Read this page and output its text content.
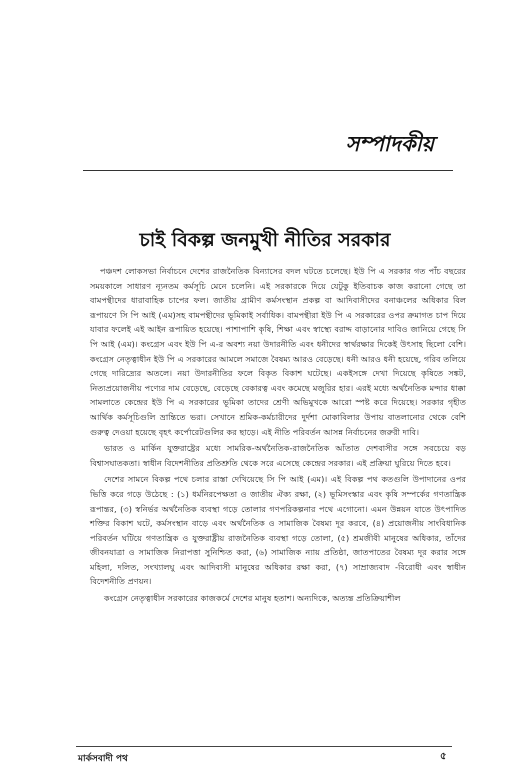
সম্পাদকীয়
চাই বিকল্প জনমুখী নীতির সরকার

পঞ্চদশ লোকসভা নির্বাচনে দেশের রাজনৈতিক বিন্যাসের বদল ঘটতে চলেছে। ইউ পি এ সরকার গত পাঁচ বছরের সময়কালে সাধারণ ন্যূনতম কর্মসূচি মেনে চলেনি। এই সরকারকে দিয়ে যেটুকু ইতিবাচক কাজ করানো গেছে তা বামপন্থীদের ধারাবাহিক চাপের ফল। জাতীয় গ্রামীণ কর্মসংস্থান প্রকল্প বা আদিবাসীদের বনাঞ্চলের অধিকার বিল রূপায়ণে সি পি আই (এম)সহ বামপন্থীদের ভূমিকাই সর্বাধিক। বামপন্থীরা ইউ পি এ সরকারের ওপর ক্রমাগত চাপ দিয়ে যাবার ফলেই এই আইন রূপায়িত হয়েছে। পাশাপাশি কৃষি, শিক্ষা এবং স্বাস্থ্যে বরাদ্দ বাড়ানোর দাবিও জানিয়ে গেছে সি পি আই (এম)। কংগ্রেস এবং ইউ পি এ-র অবশ্য নয়া উদারনীতি এবং ধনীদের স্বার্থরক্ষার দিকেই উৎসাহ ছিলো বেশি। কংগ্রেস নেতৃত্বাধীন ইউ পি এ সরকারের আমলে সমাজে বৈষম্য আরও বেড়েছে। ধনী আরও ধনী হয়েছে, গরিব তলিয়ে গেছে দারিদ্র্যের অতলে। নয়া উদারনীতির ফলে বিকৃত বিকাশ ঘটেছে। একইসঙ্গে দেখা দিয়েছে কৃষিতে সঙ্কট, নিত্যপ্রয়োজনীয় পণ্যের দাম বেড়েছে, বেড়েছে বেকারত্ব এবং কমেছে মজুরির হার। এরই মধ্যে অর্থনৈতিক মন্দার ধাক্কা সামলাতে কেন্দ্রের ইউ পি এ সরকারের ভূমিকা তাদের শ্রেণী অভিমুখকে আরো স্পষ্ট করে দিয়েছে। সরকার গৃহীত আর্থিক কর্মসূচিগুলি ভ্রান্তিতে ভরা। সেখানে শ্রমিক-কর্মচারীদের দুর্দশা মোকাবিলার উপায় বাতলানোর থেকে বেশি গুরুত্ব দেওয়া হয়েছে বৃহৎ কর্পোরেটগুলির কর ছাড়ে। এই নীতি পরিবর্তন আসন্ন নির্বাচনের জরুরী দাবি।

ভারত ও মার্কিন যুক্তরাষ্ট্রের মধ্যে সামরিক-অর্থনৈতিক-রাজনৈতিক আঁতাত দেশবাসীর সঙ্গে সবচেয়ে বড় বিশ্বাসঘাতকতা। স্বাধীন বিদেশনীতির প্রতিশ্রুতি থেকে সরে এসেছে কেন্দ্রের সরকার। এই প্রক্রিয়া ঘুরিয়ে দিতে হবে।

দেশের সামনে বিকল্প পথে চলার রাস্তা দেখিয়েছে সি পি আই (এম)। এই বিকল্প পথ কতগুলি উপাদানের ওপর ভিত্তি করে গড়ে উঠেছে : (১) ধর্মনিরপেক্ষতা ও জাতীয় ঐক্য রক্ষা, (২) ভূমিসংস্কার এবং কৃষি সম্পর্কের গণতান্ত্রিক রূপান্তর, (৩) স্বনির্ভর অর্থনৈতিক ব্যবস্থা গড়ে তোলার গণপরিকল্পনার পথে এগোনো। এমন উন্নয়ন যাতে উৎপাদিত শক্তির বিকাশ ঘটে, কর্মসংস্থান বাড়ে এবং অর্থনৈতিক ও সামাজিক বৈষম্য দূর করবে, (৪) প্রয়োজনীয় সাংবিধানিক পরিবর্তন ঘটিয়ে গণতান্ত্রিক ও যুক্তরাষ্ট্রীয় রাজনৈতিক ব্যবস্থা গড়ে তোলা, (৫) শ্রমজীবী মানুষের অধিকার, তাঁদের জীবনযাত্রা ও সামাজিক নিরাপত্তা সুনিশ্চিত করা, (৬) সামাজিক ন্যায় প্রতিষ্ঠা, জাতপাতের বৈষম্য দূর করার সঙ্গে মহিলা, দলিত, সংখ্যালঘু এবং আদিবাসী মানুষের অধিকার রক্ষা করা, (৭) সাম্রাজ্যবাদ -বিরোধী এবং স্বাধীন বিদেশনীতি প্রণয়ন।

কংগ্রেস নেতৃত্বাধীন সরকারের কাজকর্মে দেশের মানুষ হতাশ। অন্যদিকে, অত্যন্ত প্রতিক্রিয়াশীল

মার্কসবাদী পথ	৫
